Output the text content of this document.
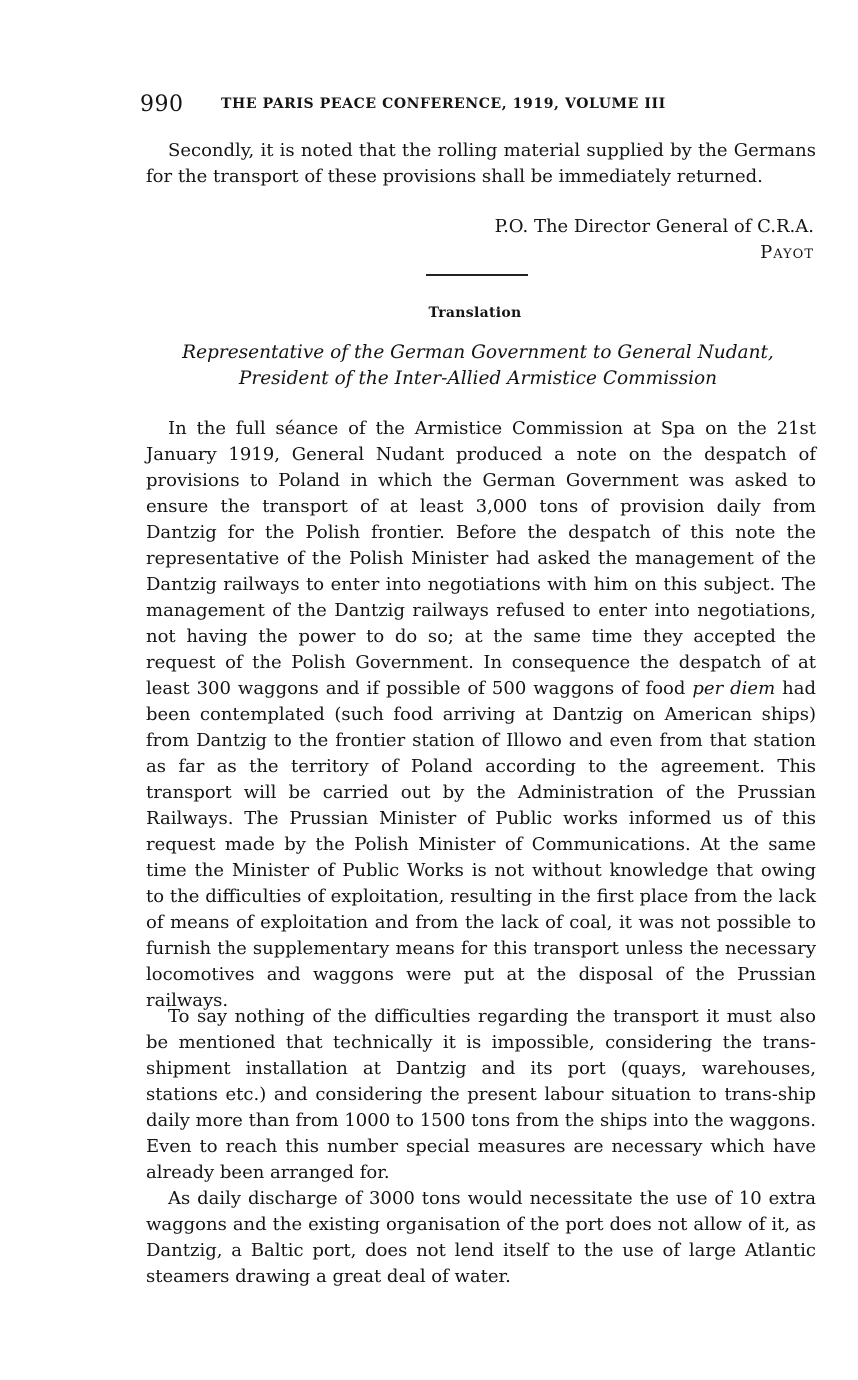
990	THE PARIS PEACE CONFERENCE, 1919, VOLUME III

Secondly, it is noted that the rolling material supplied by the Germans for the transport of these provisions shall be immediately returned.

P.O. The Director General of C.R.A.
Payot
Translation

Representative of the German Government to General Nudant,
President of the Inter-Allied Armistice Commission

In the full séance of the Armistice Commission at Spa on the 21st January 1919, General Nudant produced a note on the despatch of provisions to Poland in which the German Government was asked to ensure the transport of at least 3,000 tons of provision daily from Dantzig for the Polish frontier. Before the despatch of this note the representative of the Polish Minister had asked the management of the Dantzig railways to enter into negotiations with him on this subject. The management of the Dantzig railways refused to enter into negotiations, not having the power to do so; at the same time they accepted the request of the Polish Government. In consequence the despatch of at least 300 waggons and if possible of 500 waggons of food per diem had been contemplated (such food arriving at Dantzig on American ships) from Dantzig to the frontier station of Illowo and even from that station as far as the territory of Poland according to the agreement. This transport will be carried out by the Administration of the Prussian Railways. The Prussian Minister of Public works informed us of this request made by the Polish Minister of Communications. At the same time the Minister of Public Works is not without knowledge that owing to the difficulties of exploitation, resulting in the first place from the lack of means of exploitation and from the lack of coal, it was not possible to furnish the supplementary means for this transport unless the necessary locomotives and waggons were put at the disposal of the Prussian railways.

To say nothing of the difficulties regarding the transport it must also be mentioned that technically it is impossible, considering the trans-shipment installation at Dantzig and its port (quays, warehouses, stations etc.) and considering the present labour situation to trans-ship daily more than from 1000 to 1500 tons from the ships into the waggons. Even to reach this number special measures are necessary which have already been arranged for.

As daily discharge of 3000 tons would necessitate the use of 10 extra waggons and the existing organisation of the port does not allow of it, as Dantzig, a Baltic port, does not lend itself to the use of large Atlantic steamers drawing a great deal of water.
